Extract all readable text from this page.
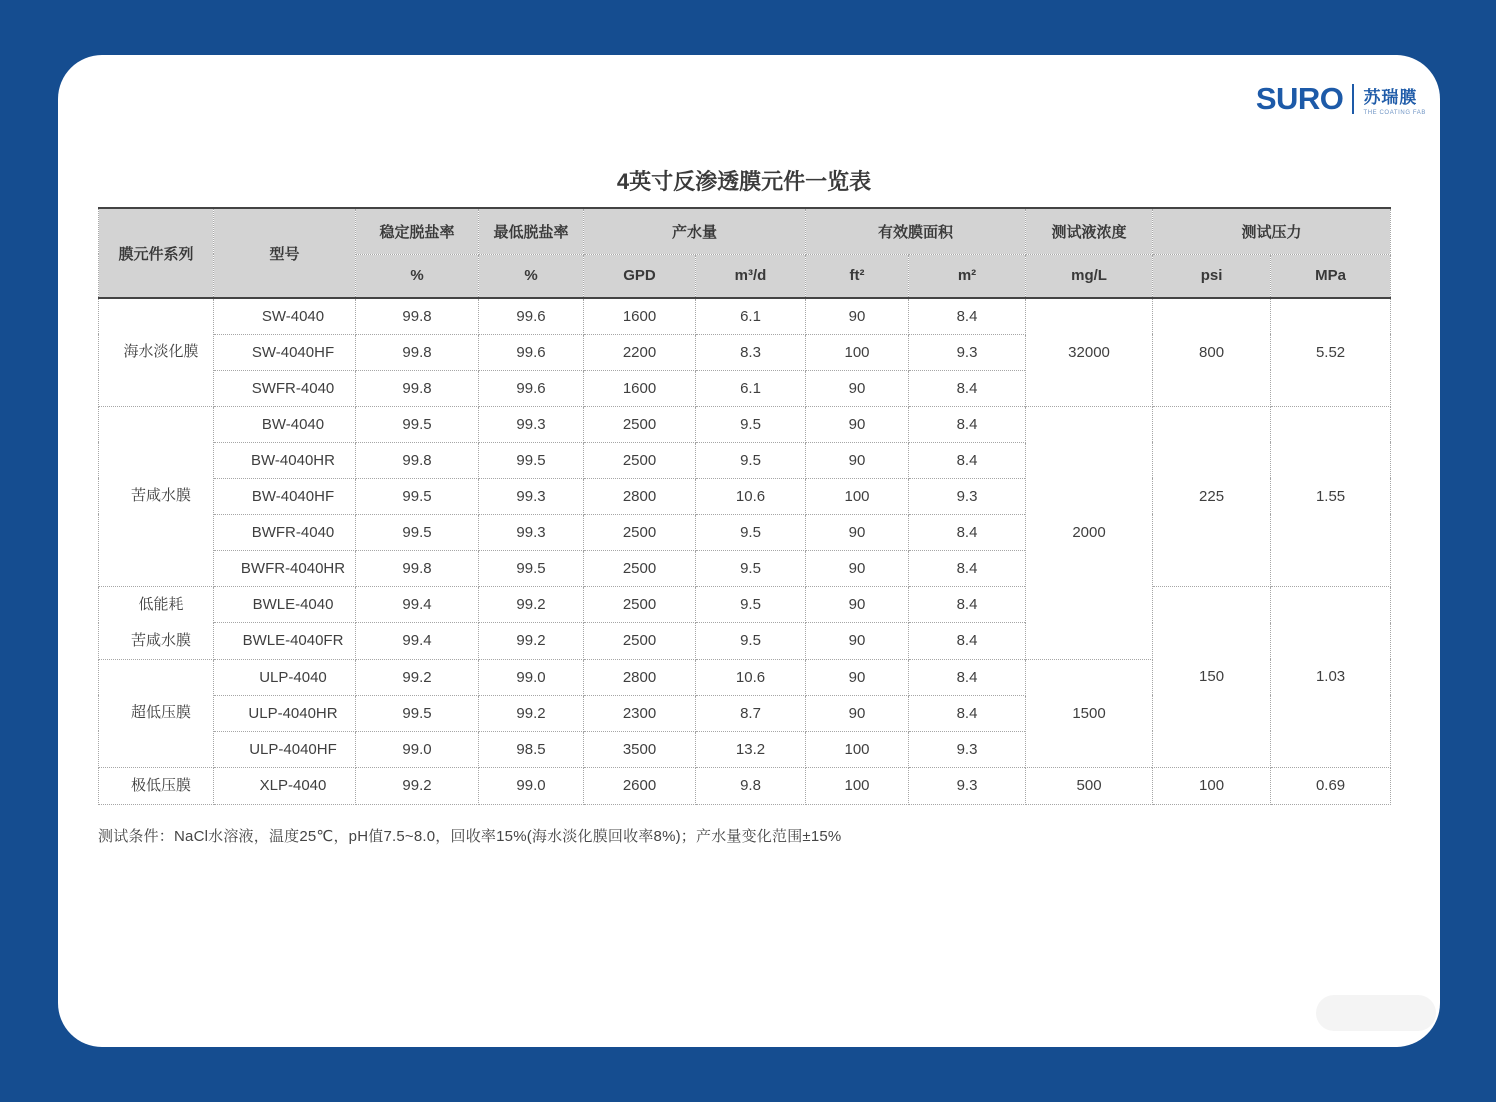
SURO 苏瑞膜
THE COATING FAB
4英寸反渗透膜元件一览表
膜元件系列	型号	稳定脱盐率	最低脱盐率	产水量		有效膜面积		测试液浓度	测试压力	
		%	%	GPD	m³/d	ft²	m²	mg/L	psi	MPa

海水淡化膜	SW-4040	99.8	99.6	1600	6.1	90	8.4	32000	800	5.52
	SW-4040HF	99.8	99.6	2200	8.3	100	9.3			
	SWFR-4040	99.8	99.6	1600	6.1	90	8.4			

苦咸水膜	BW-4040	99.5	99.3	2500	9.5	90	8.4	2000	225	1.55
	BW-4040HR	99.8	99.5	2500	9.5	90	8.4			
	BW-4040HF	99.5	99.3	2800	10.6	100	9.3			
	BWFR-4040	99.5	99.3	2500	9.5	90	8.4			
	BWFR-4040HR	99.8	99.5	2500	9.5	90	8.4			

低能耗
苦咸水膜	BWLE-4040	99.4	99.2	2500	9.5	90	8.4		150	1.03
	BWLE-4040FR	99.4	99.2	2500	9.5	90	8.4			

超低压膜	ULP-4040	99.2	99.0	2800	10.6	90	8.4	1500		
	ULP-4040HR	99.5	99.2	2300	8.7	90	8.4			
	ULP-4040HF	99.0	98.5	3500	13.2	100	9.3			

极低压膜	XLP-4040	99.2	99.0	2600	9.8	100	9.3	500	100	0.69
测试条件：NaCl水溶液，温度25℃，pH值7.5~8.0，回收率15%(海水淡化膜回收率8%)；产水量变化范围±15%
